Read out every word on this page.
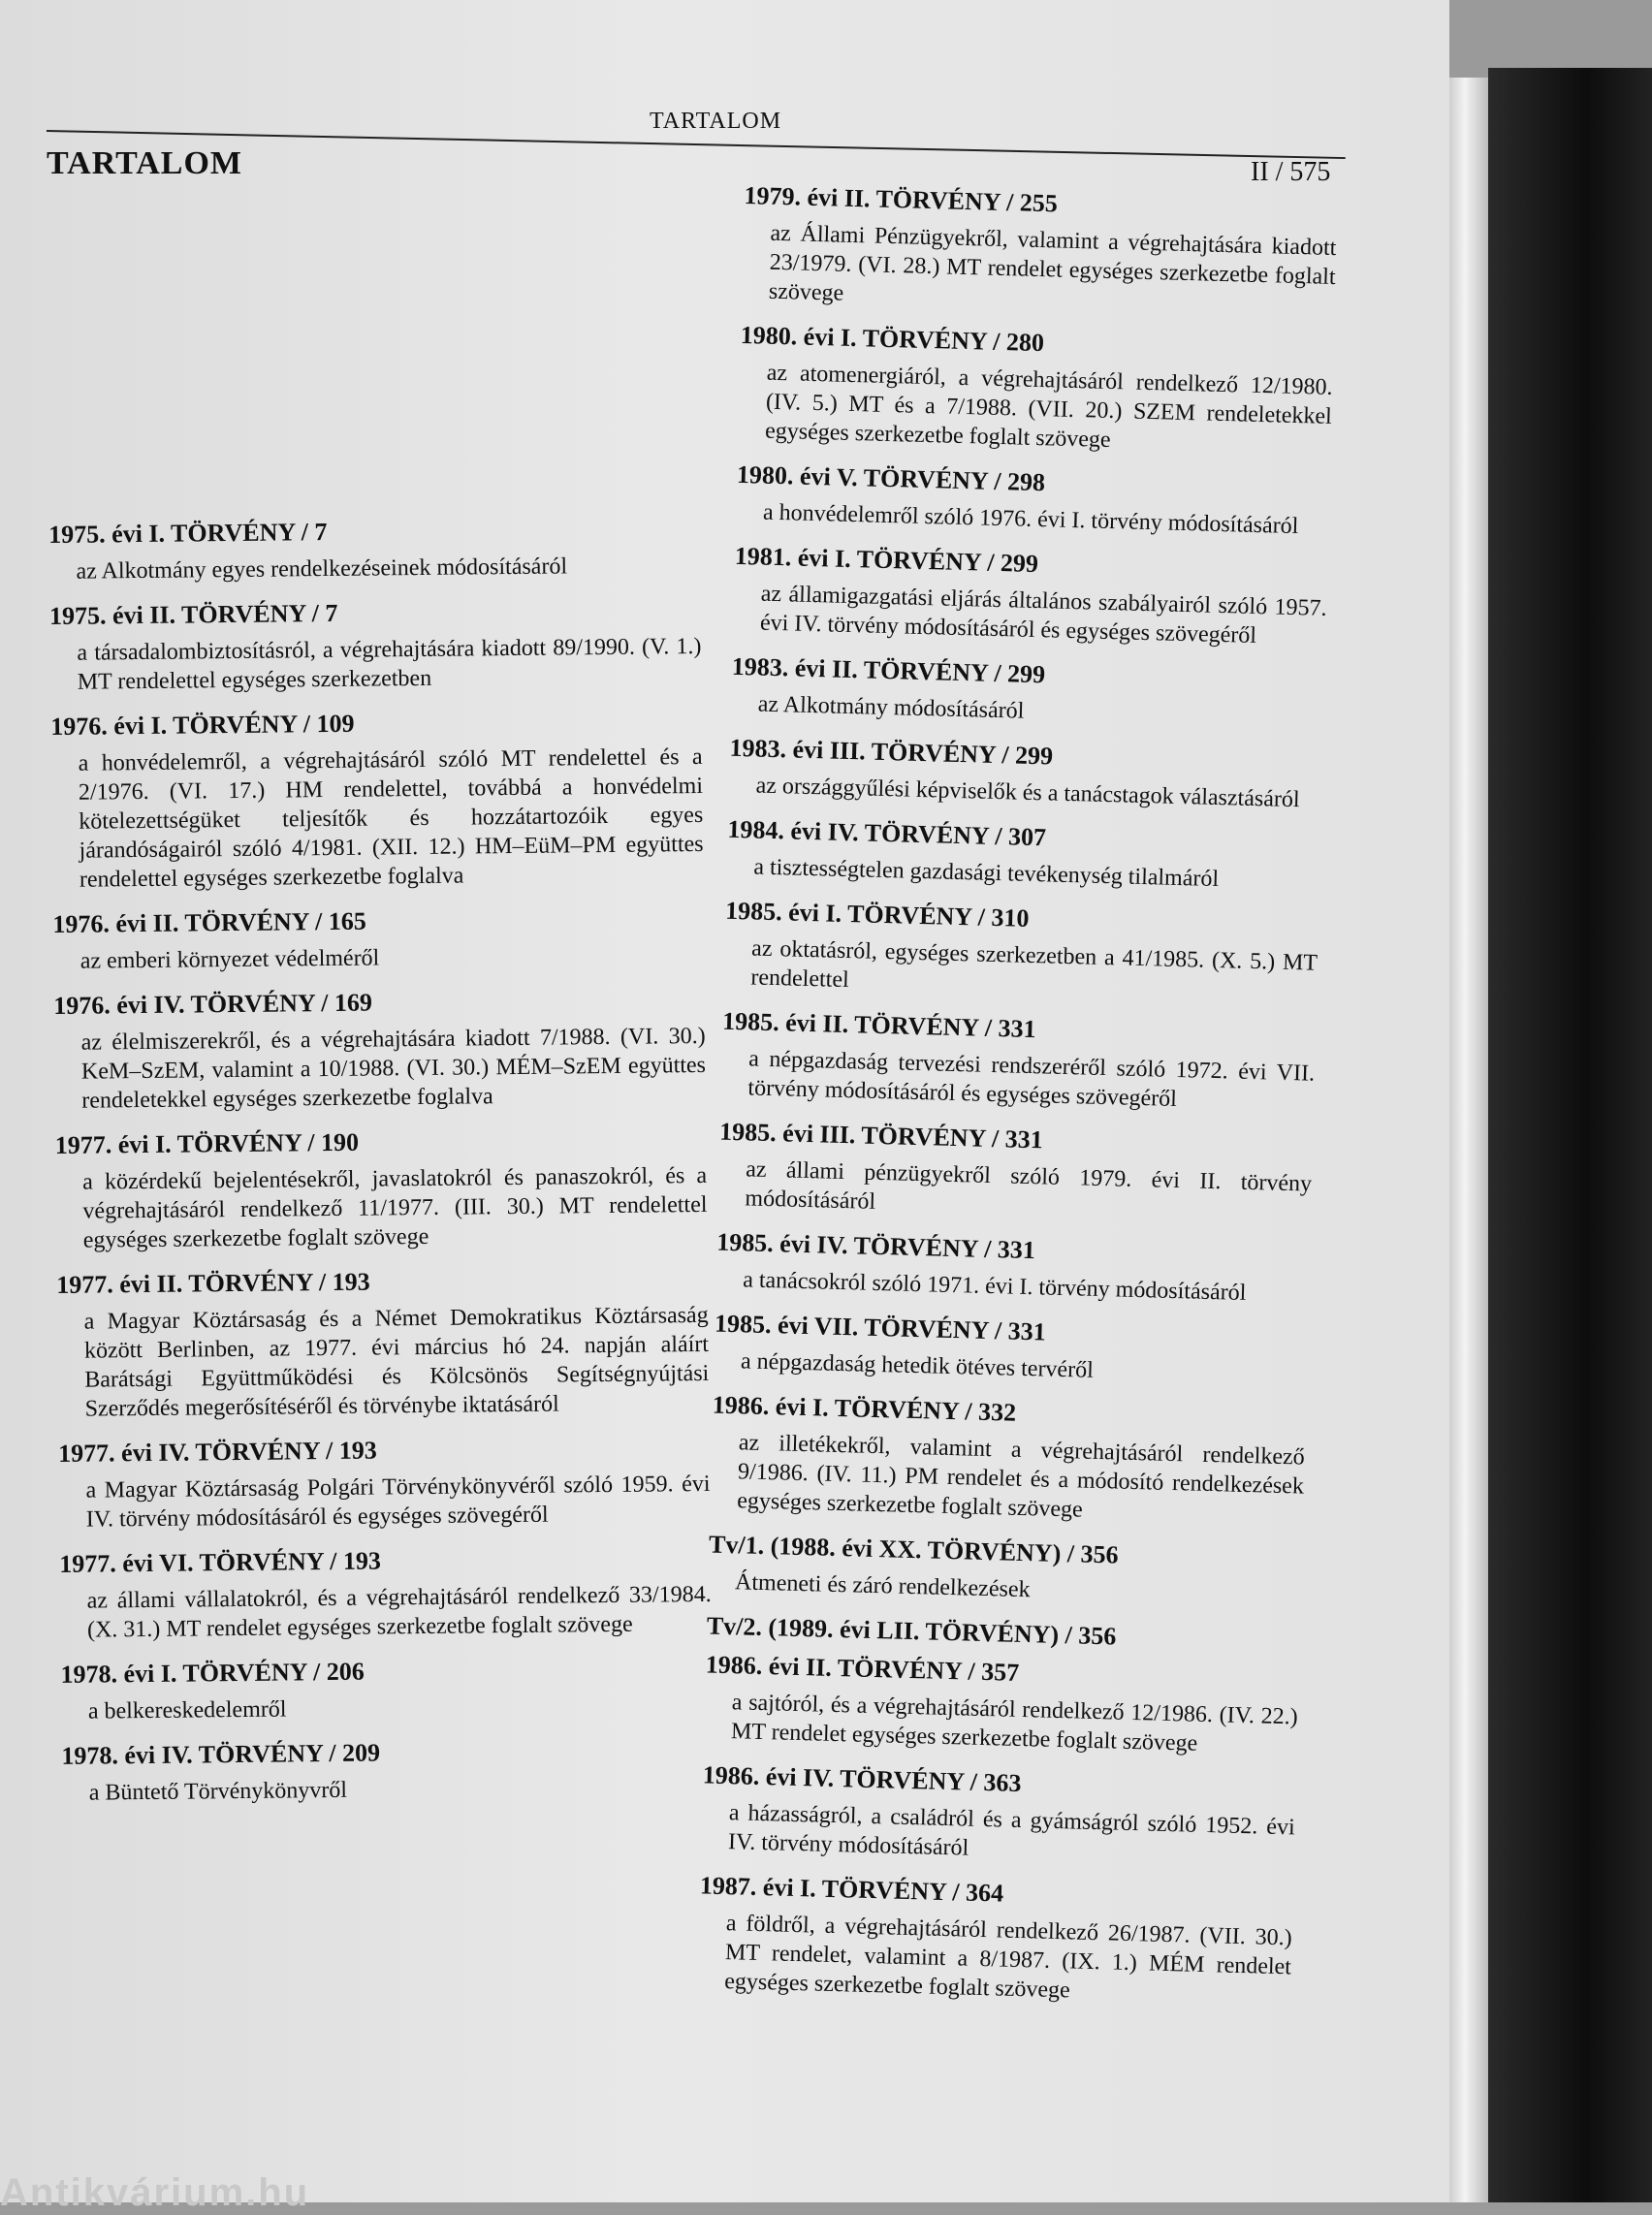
TARTALOM
TARTALOM	II / 575
1975. évi I. TÖRVÉNY / 7
az Alkotmány egyes rendelkezéseinek módosításáról
1975. évi II. TÖRVÉNY / 7
a társadalombiztosításról, a végrehajtására kiadott 89/1990. (V. 1.) MT rendelettel egységes szerkezetben
1976. évi I. TÖRVÉNY / 109
a honvédelemről, a végrehajtásáról szóló MT rendelettel és a 2/1976. (VI. 17.) HM rendelettel, továbbá a honvédelmi kötelezettségüket teljesítők és hozzátartozóik egyes járandóságairól szóló 4/1981. (XII. 12.) HM–EüM–PM együttes rendelettel egységes szerkezetbe foglalva
1976. évi II. TÖRVÉNY / 165
az emberi környezet védelméről
1976. évi IV. TÖRVÉNY / 169
az élelmiszerekről, és a végrehajtására kiadott 7/1988. (VI. 30.) KeM–SzEM, valamint a 10/1988. (VI. 30.) MÉM–SzEM együttes rendeletekkel egységes szerkezetbe foglalva
1977. évi I. TÖRVÉNY / 190
a közérdekű bejelentésekről, javaslatokról és panaszokról, és a végrehajtásáról rendelkező 11/1977. (III. 30.) MT rendelettel egységes szerkezetbe foglalt szövege
1977. évi II. TÖRVÉNY / 193
a Magyar Köztársaság és a Német Demokratikus Köztársaság között Berlinben, az 1977. évi március hó 24. napján aláírt Barátsági Együttműködési és Kölcsönös Segítségnyújtási Szerződés megerősítéséről és törvénybe iktatásáról
1977. évi IV. TÖRVÉNY / 193
a Magyar Köztársaság Polgári Törvénykönyvéről szóló 1959. évi IV. törvény módosításáról és egységes szövegéről
1977. évi VI. TÖRVÉNY / 193
az állami vállalatokról, és a végrehajtásáról rendelkező 33/1984. (X. 31.) MT rendelet egységes szerkezetbe foglalt szövege
1978. évi I. TÖRVÉNY / 206
a belkereskedelemről
1978. évi IV. TÖRVÉNY / 209
a Büntető Törvénykönyvről
1979. évi II. TÖRVÉNY / 255
az Állami Pénzügyekről, valamint a végrehajtására kiadott 23/1979. (VI. 28.) MT rendelet egységes szerkezetbe foglalt szövege
1980. évi I. TÖRVÉNY / 280
az atomenergiáról, a végrehajtásáról rendelkező 12/1980. (IV. 5.) MT és a 7/1988. (VII. 20.) SZEM rendeletekkel egységes szerkezetbe foglalt szövege
1980. évi V. TÖRVÉNY / 298
a honvédelemről szóló 1976. évi I. törvény módosításáról
1981. évi I. TÖRVÉNY / 299
az államigazgatási eljárás általános szabályairól szóló 1957. évi IV. törvény módosításáról és egységes szövegéről
1983. évi II. TÖRVÉNY / 299
az Alkotmány módosításáról
1983. évi III. TÖRVÉNY / 299
az országgyűlési képviselők és a tanácstagok választásáról
1984. évi IV. TÖRVÉNY / 307
a tisztességtelen gazdasági tevékenység tilalmáról
1985. évi I. TÖRVÉNY / 310
az oktatásról, egységes szerkezetben a 41/1985. (X. 5.) MT rendelettel
1985. évi II. TÖRVÉNY / 331
a népgazdaság tervezési rendszeréről szóló 1972. évi VII. törvény módosításáról és egységes szövegéről
1985. évi III. TÖRVÉNY / 331
az állami pénzügyekről szóló 1979. évi II. törvény módosításáról
1985. évi IV. TÖRVÉNY / 331
a tanácsokról szóló 1971. évi I. törvény módosításáról
1985. évi VII. TÖRVÉNY / 331
a népgazdaság hetedik ötéves tervéről
1986. évi I. TÖRVÉNY / 332
az illetékekről, valamint a végrehajtásáról rendelkező 9/1986. (IV. 11.) PM rendelet és a módosító rendelkezések egységes szerkezetbe foglalt szövege
Tv/1. (1988. évi XX. TÖRVÉNY) / 356
Átmeneti és záró rendelkezések
Tv/2. (1989. évi LII. TÖRVÉNY) / 356
1986. évi II. TÖRVÉNY / 357
a sajtóról, és a végrehajtásáról rendelkező 12/1986. (IV. 22.) MT rendelet egységes szerkezetbe foglalt szövege
1986. évi IV. TÖRVÉNY / 363
a házasságról, a családról és a gyámságról szóló 1952. évi IV. törvény módosításáról
1987. évi I. TÖRVÉNY / 364
a földről, a végrehajtásáról rendelkező 26/1987. (VII. 30.) MT rendelet, valamint a 8/1987. (IX. 1.) MÉM rendelet egységes szerkezetbe foglalt szövege
Antikvárium.hu
